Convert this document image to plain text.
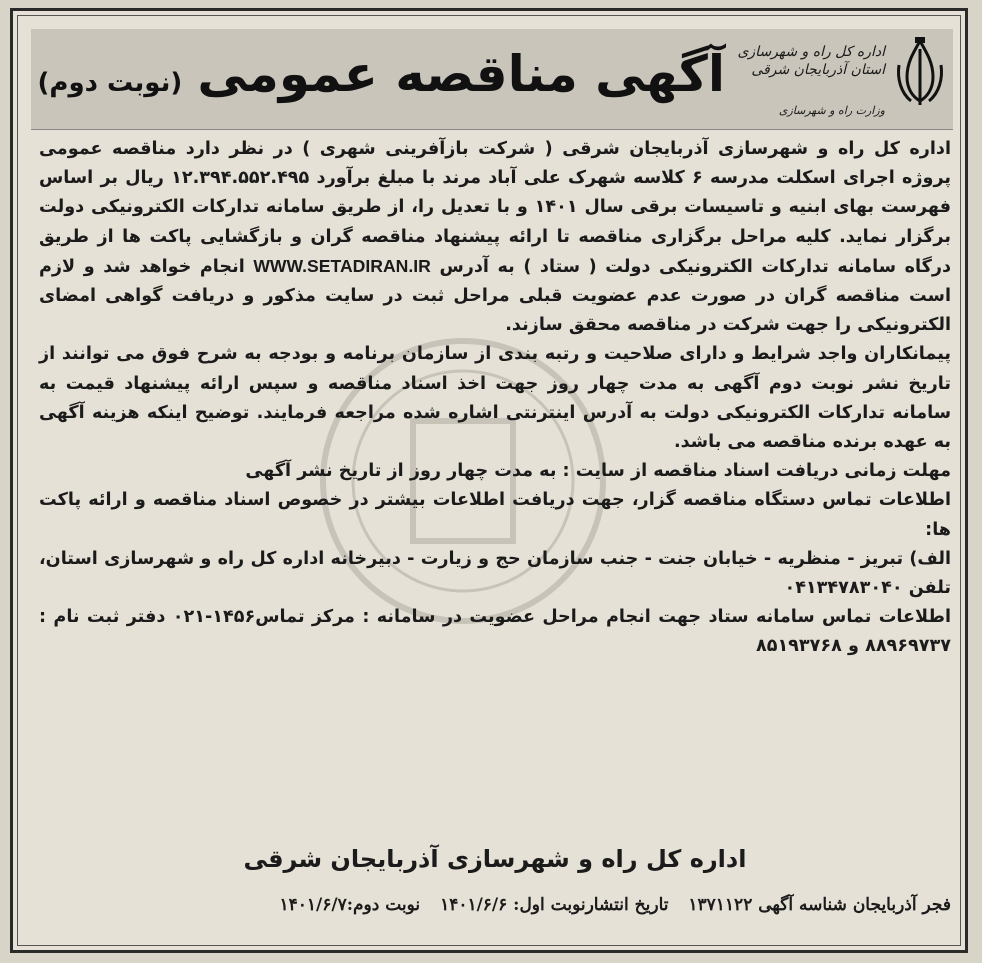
اداره کل راه و شهرسازی استان آذربایجان شرقی
وزارت راه و شهرسازی
آگهی مناقصه عمومی (نوبت دوم)

اداره کل راه و شهرسازی آذربایجان شرقی ( شرکت بازآفرینی شهری ) در نظر دارد مناقصه عمومی پروژه اجرای اسکلت مدرسه ۶ کلاسه شهرک علی آباد مرند با مبلغ برآورد ۱۲.۳۹۴.۵۵۲.۴۹۵ ریال بر اساس فهرست بهای ابنیه و تاسیسات برقی سال ۱۴۰۱ و با تعدیل را، از طریق سامانه تدارکات الکترونیکی دولت برگزار نماید. کلیه مراحل برگزاری مناقصه تا ارائه پیشنهاد مناقصه گران و بازگشایی پاکت ها از طریق درگاه سامانه تدارکات الکترونیکی دولت ( ستاد ) به آدرس WWW.SETADIRAN.IR انجام خواهد شد و لازم است مناقصه گران در صورت عدم عضویت قبلی مراحل ثبت در سایت مذکور و دریافت گواهی امضای الکترونیکی را جهت شرکت در مناقصه محقق سازند.

پیمانکاران واجد شرایط و دارای صلاحیت و رتبه بندی از سازمان برنامه و بودجه به شرح فوق می توانند از تاریخ نشر نوبت دوم آگهی به مدت چهار روز جهت اخذ اسناد مناقصه و سپس ارائه پیشنهاد قیمت به سامانه تدارکات الکترونیکی دولت به آدرس اینترنتی اشاره شده مراجعه فرمایند. توضیح اینکه هزینه آگهی به عهده برنده مناقصه می باشد.

مهلت زمانی دریافت اسناد مناقصه از سایت : به مدت چهار روز از تاریخ نشر آگهی

اطلاعات تماس دستگاه مناقصه گزار، جهت دریافت اطلاعات بیشتر در خصوص اسناد مناقصه و ارائه پاکت ها:

الف) تبریز - منظریه - خیابان جنت - جنب سازمان حج و زیارت - دبیرخانه اداره کل راه و شهرسازی استان، تلفن ۰۴۱۳۴۷۸۳۰۴۰

اطلاعات تماس سامانه ستاد جهت انجام مراحل عضویت در سامانه : مرکز تماس۱۴۵۶-۰۲۱ دفتر ثبت نام : ۸۸۹۶۹۷۳۷ و ۸۵۱۹۳۷۶۸

اداره کل راه و شهرسازی آذربایجان شرقی
فجر آذربایجان شناسه آگهی ۱۳۷۱۱۲۲ تاریخ انتشارنوبت اول: ۱۴۰۱/۶/۶ نوبت دوم:۱۴۰۱/۶/۷
